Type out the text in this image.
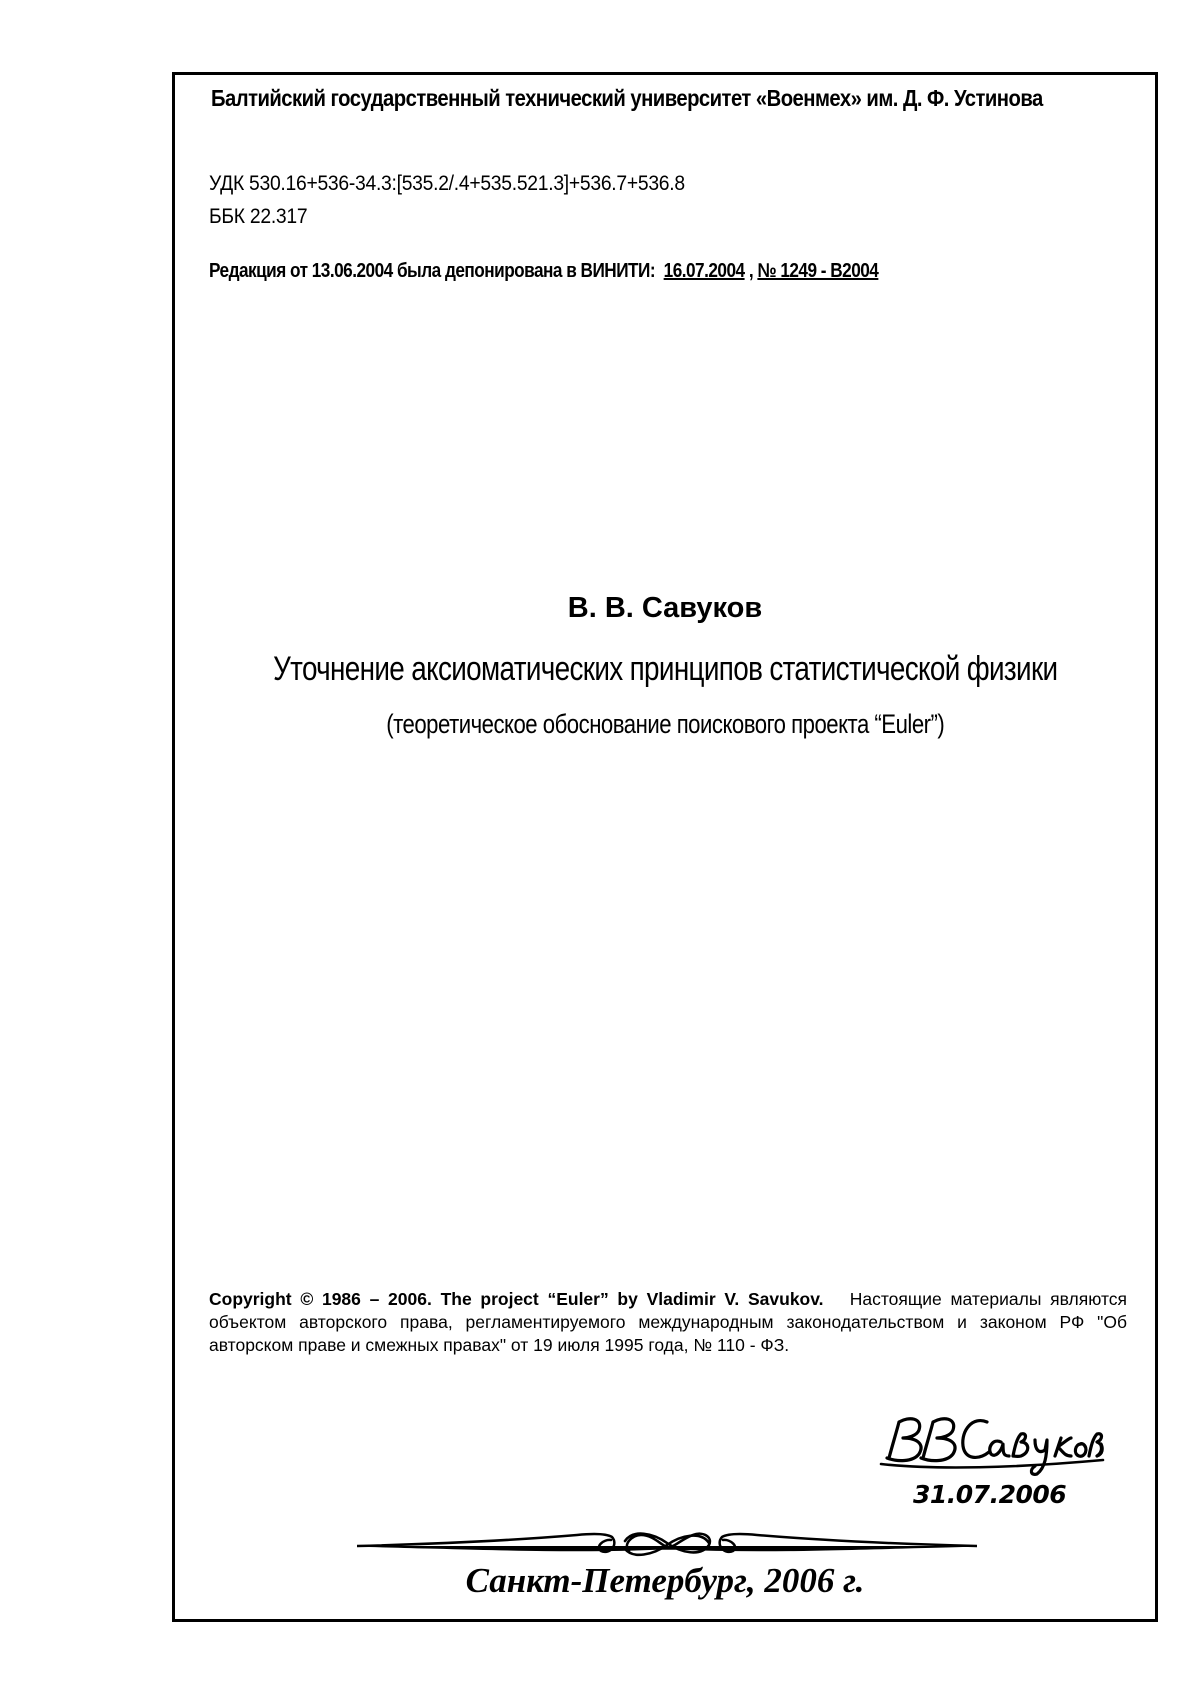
Балтийский государственный технический университет «Военмех» им. Д. Ф. Устинова
УДК 530.16+536-34.3:[535.2/.4+535.521.3]+536.7+536.8
ББК 22.317
Редакция от 13.06.2004 была депонирована в ВИНИТИ: 16.07.2004 , № 1249 - В2004
В. В. Савуков
Уточнение аксиоматических принципов статистической физики
(теоретическое обоснование поискового проекта “Euler”)
Copyright © 1986 – 2006. The project “Euler” by Vladimir V. Savukov. Настоящие материалы являются объектом авторского права, регламентируемого международным законодательством и законом РФ "Об авторском праве и смежных правах" от 19 июля 1995 года, № 110 - ФЗ.
31.07.2006
Санкт-Петербург, 2006 г.
